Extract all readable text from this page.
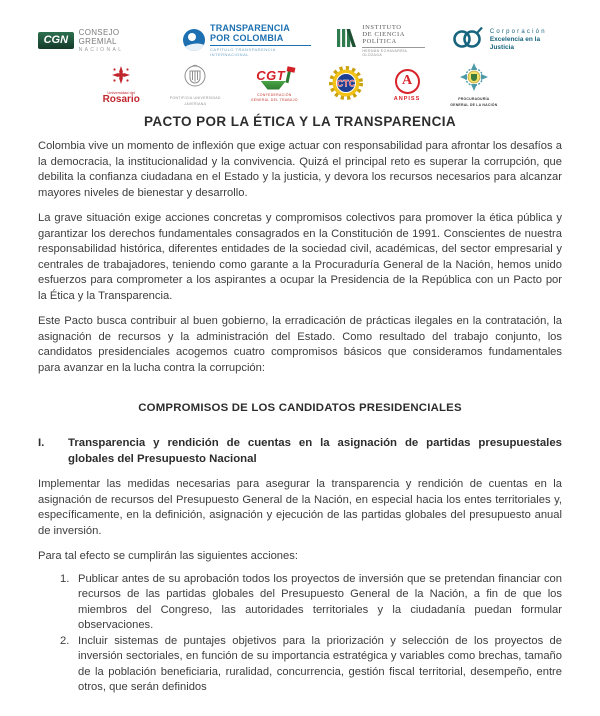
CGN
CONSEJO GREMIAL
NACIONAL
TRANSPARENCIA
POR COLOMBIA
CAPÍTULO TRANSPARENCIA INTERNACIONAL
INSTITUTO
DE CIENCIA
POLÍTICA
HERNÁN ECHAVARRÍA OLÓZAGA
Corporación
Excelencia en la Justicia
Universidad del
Rosario	PONTIFICIA UNIVERSIDAD
JAVERIANA
CGT
CONFEDERACIÓN
GENERAL DEL TRABAJO
CTC	A
ANPISS	PROCURADURÍA
GENERAL DE LA NACIÓN
PACTO POR LA ÉTICA Y LA TRANSPARENCIA

Colombia vive un momento de inflexión que exige actuar con responsabilidad para afrontar los desafíos a la democracia, la institucionalidad y la convivencia. Quizá el principal reto es superar la corrupción, que debilita la confianza ciudadana en el Estado y la justicia, y devora los recursos necesarios para alcanzar mayores niveles de bienestar y desarrollo.

La grave situación exige acciones concretas y compromisos colectivos para promover la ética pública y garantizar los derechos fundamentales consagrados en la Constitución de 1991. Conscientes de nuestra responsabilidad histórica, diferentes entidades de la sociedad civil, académicas, del sector empresarial y centrales de trabajadores, teniendo como garante a la Procuraduría General de la Nación, hemos unido esfuerzos para comprometer a los aspirantes a ocupar la Presidencia de la República con un Pacto por la Ética y la Transparencia.

Este Pacto busca contribuir al buen gobierno, la erradicación de prácticas ilegales en la contratación, la asignación de recursos y la administración del Estado. Como resultado del trabajo conjunto, los candidatos presidenciales acogemos cuatro compromisos básicos que consideramos fundamentales para avanzar en la lucha contra la corrupción:

COMPROMISOS DE LOS CANDIDATOS PRESIDENCIALES
I.	Transparencia y rendición de cuentas en la asignación de partidas presupuestales globales del Presupuesto Nacional

Implementar las medidas necesarias para asegurar la transparencia y rendición de cuentas en la asignación de recursos del Presupuesto General de la Nación, en especial hacia los entes territoriales y, específicamente, en la definición, asignación y ejecución de las partidas globales del presupuesto anual de inversión.

Para tal efecto se cumplirán las siguientes acciones:

1. Publicar antes de su aprobación todos los proyectos de inversión que se pretendan financiar con recursos de las partidas globales del Presupuesto General de la Nación, a fin de que los miembros del Congreso, las autoridades territoriales y la ciudadanía puedan formular observaciones.
2. Incluir sistemas de puntajes objetivos para la priorización y selección de los proyectos de inversión sectoriales, en función de su importancia estratégica y variables como brechas, tamaño de la población beneficiaria, ruralidad, concurrencia, gestión fiscal territorial, desempeño, entre otros, que serán definidos
